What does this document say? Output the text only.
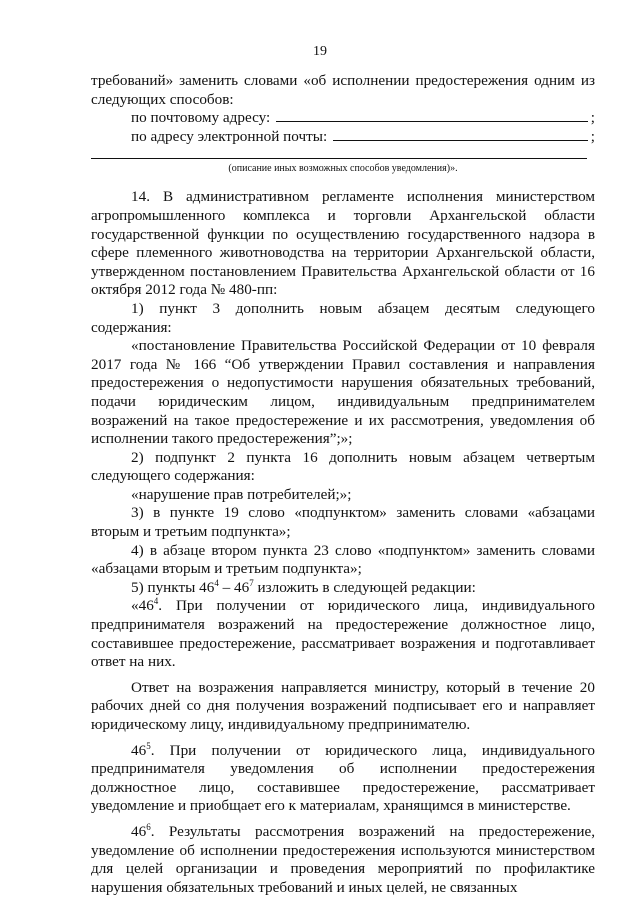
19

требований» заменить словами «об исполнении предостережения одним из следующих способов:

по почтовому адресу:	;
по адресу электронной почты:	;

(описание иных возможных способов уведомления)».

14. В административном регламенте исполнения министерством агропромышленного комплекса и торговли Архангельской области государственной функции по осуществлению государственного надзора в сфере племенного животноводства на территории Архангельской области, утвержденном постановлением Правительства Архангельской области от 16 октября 2012 года № 480-пп:

1) пункт 3 дополнить новым абзацем десятым следующего содержания:

«постановление Правительства Российской Федерации от 10 февраля 2017 года № 166 “Об утверждении Правил составления и направления предостережения о недопустимости нарушения обязательных требований, подачи юридическим лицом, индивидуальным предпринимателем возражений на такое предостережение и их рассмотрения, уведомления об исполнении такого предостережения”;»;

2) подпункт 2 пункта 16 дополнить новым абзацем четвертым следующего содержания:

«нарушение прав потребителей;»;

3) в пункте 19 слово «подпунктом» заменить словами «абзацами вторым и третьим подпункта»;

4) в абзаце втором пункта 23 слово «подпунктом» заменить словами «абзацами вторым и третьим подпункта»;

5) пункты $46^4 - 46^7$ изложить в следующей редакции:

«$46^4$. При получении от юридического лица, индивидуального предпринимателя возражений на предостережение должностное лицо, составившее предостережение, рассматривает возражения и подготавливает ответ на них.

Ответ на возражения направляется министру, который в течение 20 рабочих дней со дня получения возражений подписывает его и направляет юридическому лицу, индивидуальному предпринимателю.

$46^5$. При получении от юридического лица, индивидуального предпринимателя уведомления об исполнении предостережения должностное лицо, составившее предостережение, рассматривает уведомление и приобщает его к материалам, хранящимся в министерстве.

$46^6$. Результаты рассмотрения возражений на предостережение, уведомление об исполнении предостережения используются министерством для целей организации и проведения мероприятий по профилактике нарушения обязательных требований и иных целей, не связанных
